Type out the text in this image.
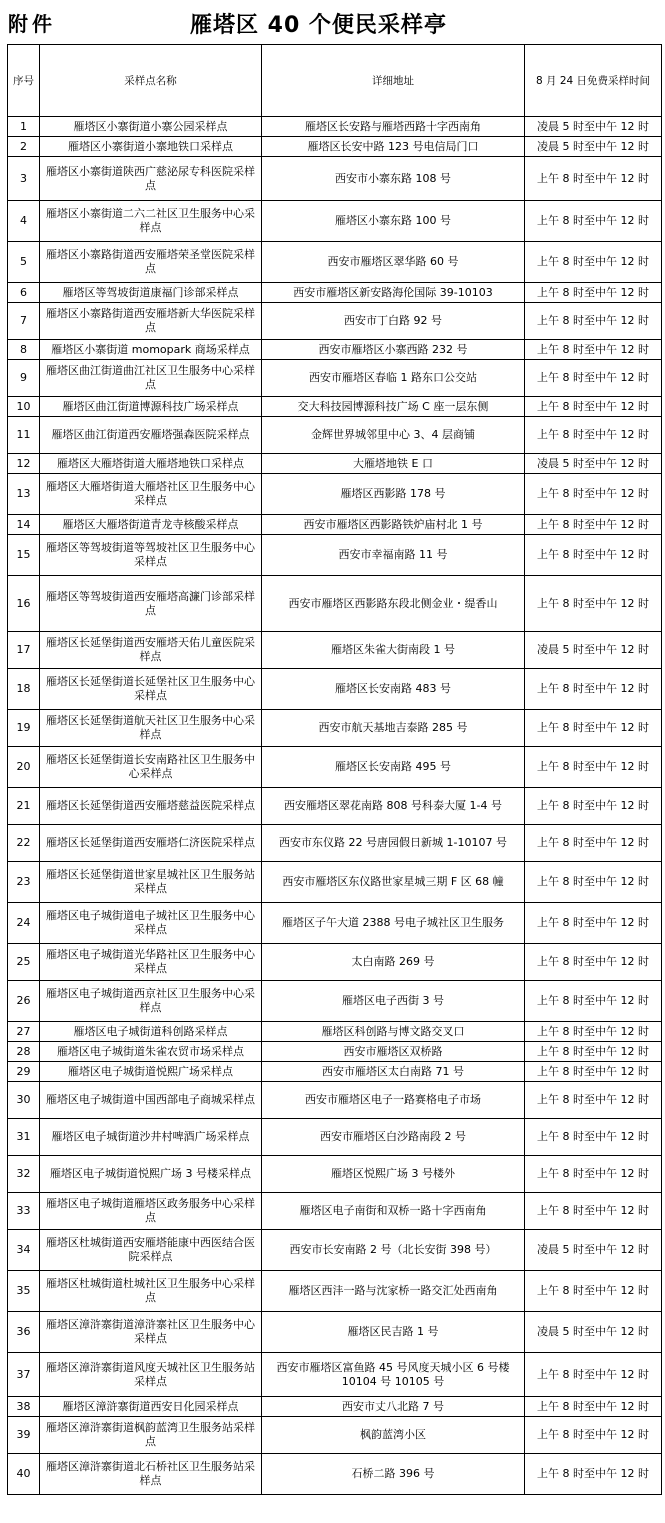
附件	雁塔区 40 个便民采样亭
序号	采样点名称	详细地址	8 月 24 日免费采样时间
1	雁塔区小寨街道小寨公园采样点	雁塔区长安路与雁塔西路十字西南角	凌晨 5 时至中午 12 时
2	雁塔区小寨街道小寨地铁口采样点	雁塔区长安中路 123 号电信局门口	凌晨 5 时至中午 12 时
3	雁塔区小寨街道陕西广慈泌尿专科医院采样点	西安市小寨东路 108 号	上午 8 时至中午 12 时
4	雁塔区小寨街道二六二社区卫生服务中心采样点	雁塔区小寨东路 100 号	上午 8 时至中午 12 时
5	雁塔区小寨路街道西安雁塔荣圣堂医院采样点	西安市雁塔区翠华路 60 号	上午 8 时至中午 12 时
6	雁塔区等驾坡街道康福门诊部采样点	西安市雁塔区新安路海伦国际 39-10103	上午 8 时至中午 12 时
7	雁塔区小寨路街道西安雁塔新大华医院采样点	西安市丁白路 92 号	上午 8 时至中午 12 时
8	雁塔区小寨街道 momopark 商场采样点	西安市雁塔区小寨西路 232 号	上午 8 时至中午 12 时
9	雁塔区曲江街道曲江社区卫生服务中心采样点	西安市雁塔区春临 1 路东口公交站	上午 8 时至中午 12 时
10	雁塔区曲江街道博源科技广场采样点	交大科技园博源科技广场 C 座一层东侧	上午 8 时至中午 12 时
11	雁塔区曲江街道西安雁塔强森医院采样点	金辉世界城邻里中心 3、4 层商铺	上午 8 时至中午 12 时
12	雁塔区大雁塔街道大雁塔地铁口采样点	大雁塔地铁 E 口	凌晨 5 时至中午 12 时
13	雁塔区大雁塔街道大雁塔社区卫生服务中心采样点	雁塔区西影路 178 号	上午 8 时至中午 12 时
14	雁塔区大雁塔街道青龙寺核酸采样点	西安市雁塔区西影路铁炉庙村北 1 号	上午 8 时至中午 12 时
15	雁塔区等驾坡街道等驾坡社区卫生服务中心采样点	西安市幸福南路 11 号	上午 8 时至中午 12 时
16	雁塔区等驾坡街道西安雁塔高濂门诊部采样点	西安市雁塔区西影路东段北侧金业・缇香山	上午 8 时至中午 12 时
17	雁塔区长延堡街道西安雁塔天佑儿童医院采样点	雁塔区朱雀大街南段 1 号	凌晨 5 时至中午 12 时
18	雁塔区长延堡街道长延堡社区卫生服务中心采样点	雁塔区长安南路 483 号	上午 8 时至中午 12 时
19	雁塔区长延堡街道航天社区卫生服务中心采样点	西安市航天基地吉泰路 285 号	上午 8 时至中午 12 时
20	雁塔区长延堡街道长安南路社区卫生服务中心采样点	雁塔区长安南路 495 号	上午 8 时至中午 12 时
21	雁塔区长延堡街道西安雁塔慈益医院采样点	西安雁塔区翠花南路 808 号科泰大厦 1-4 号	上午 8 时至中午 12 时
22	雁塔区长延堡街道西安雁塔仁济医院采样点	西安市东仪路 22 号唐园假日新城 1-10107 号	上午 8 时至中午 12 时
23	雁塔区长延堡街道世家星城社区卫生服务站采样点	西安市雁塔区东仪路世家星城三期 F 区 68 幢	上午 8 时至中午 12 时
24	雁塔区电子城街道电子城社区卫生服务中心采样点	雁塔区子午大道 2388 号电子城社区卫生服务	上午 8 时至中午 12 时
25	雁塔区电子城街道光华路社区卫生服务中心采样点	太白南路 269 号	上午 8 时至中午 12 时
26	雁塔区电子城街道西京社区卫生服务中心采样点	雁塔区电子西街 3 号	上午 8 时至中午 12 时
27	雁塔区电子城街道科创路采样点	雁塔区科创路与博文路交叉口	上午 8 时至中午 12 时
28	雁塔区电子城街道朱雀农贸市场采样点	西安市雁塔区双桥路	上午 8 时至中午 12 时
29	雁塔区电子城街道悦熙广场采样点	西安市雁塔区太白南路 71 号	上午 8 时至中午 12 时
30	雁塔区电子城街道中国西部电子商城采样点	西安市雁塔区电子一路赛格电子市场	上午 8 时至中午 12 时
31	雁塔区电子城街道沙井村啤酒广场采样点	西安市雁塔区白沙路南段 2 号	上午 8 时至中午 12 时
32	雁塔区电子城街道悦熙广场 3 号楼采样点	雁塔区悦熙广场 3 号楼外	上午 8 时至中午 12 时
33	雁塔区电子城街道雁塔区政务服务中心采样点	雁塔区电子南街和双桥一路十字西南角	上午 8 时至中午 12 时
34	雁塔区杜城街道西安雁塔能康中西医结合医院采样点	西安市长安南路 2 号（北长安街 398 号）	凌晨 5 时至中午 12 时
35	雁塔区杜城街道杜城社区卫生服务中心采样点	雁塔区西沣一路与沈家桥一路交汇处西南角	上午 8 时至中午 12 时
36	雁塔区漳浒寨街道漳浒寨社区卫生服务中心采样点	雁塔区民吉路 1 号	凌晨 5 时至中午 12 时
37	雁塔区漳浒寨街道风度天城社区卫生服务站采样点	西安市雁塔区富鱼路 45 号风度天城小区 6 号楼 10104 号 10105 号	上午 8 时至中午 12 时
38	雁塔区漳浒寨街道西安日化园采样点	西安市丈八北路 7 号	上午 8 时至中午 12 时
39	雁塔区漳浒寨街道枫韵蓝湾卫生服务站采样点	枫韵蓝湾小区	上午 8 时至中午 12 时
40	雁塔区漳浒寨街道北石桥社区卫生服务站采样点	石桥二路 396 号	上午 8 时至中午 12 时
